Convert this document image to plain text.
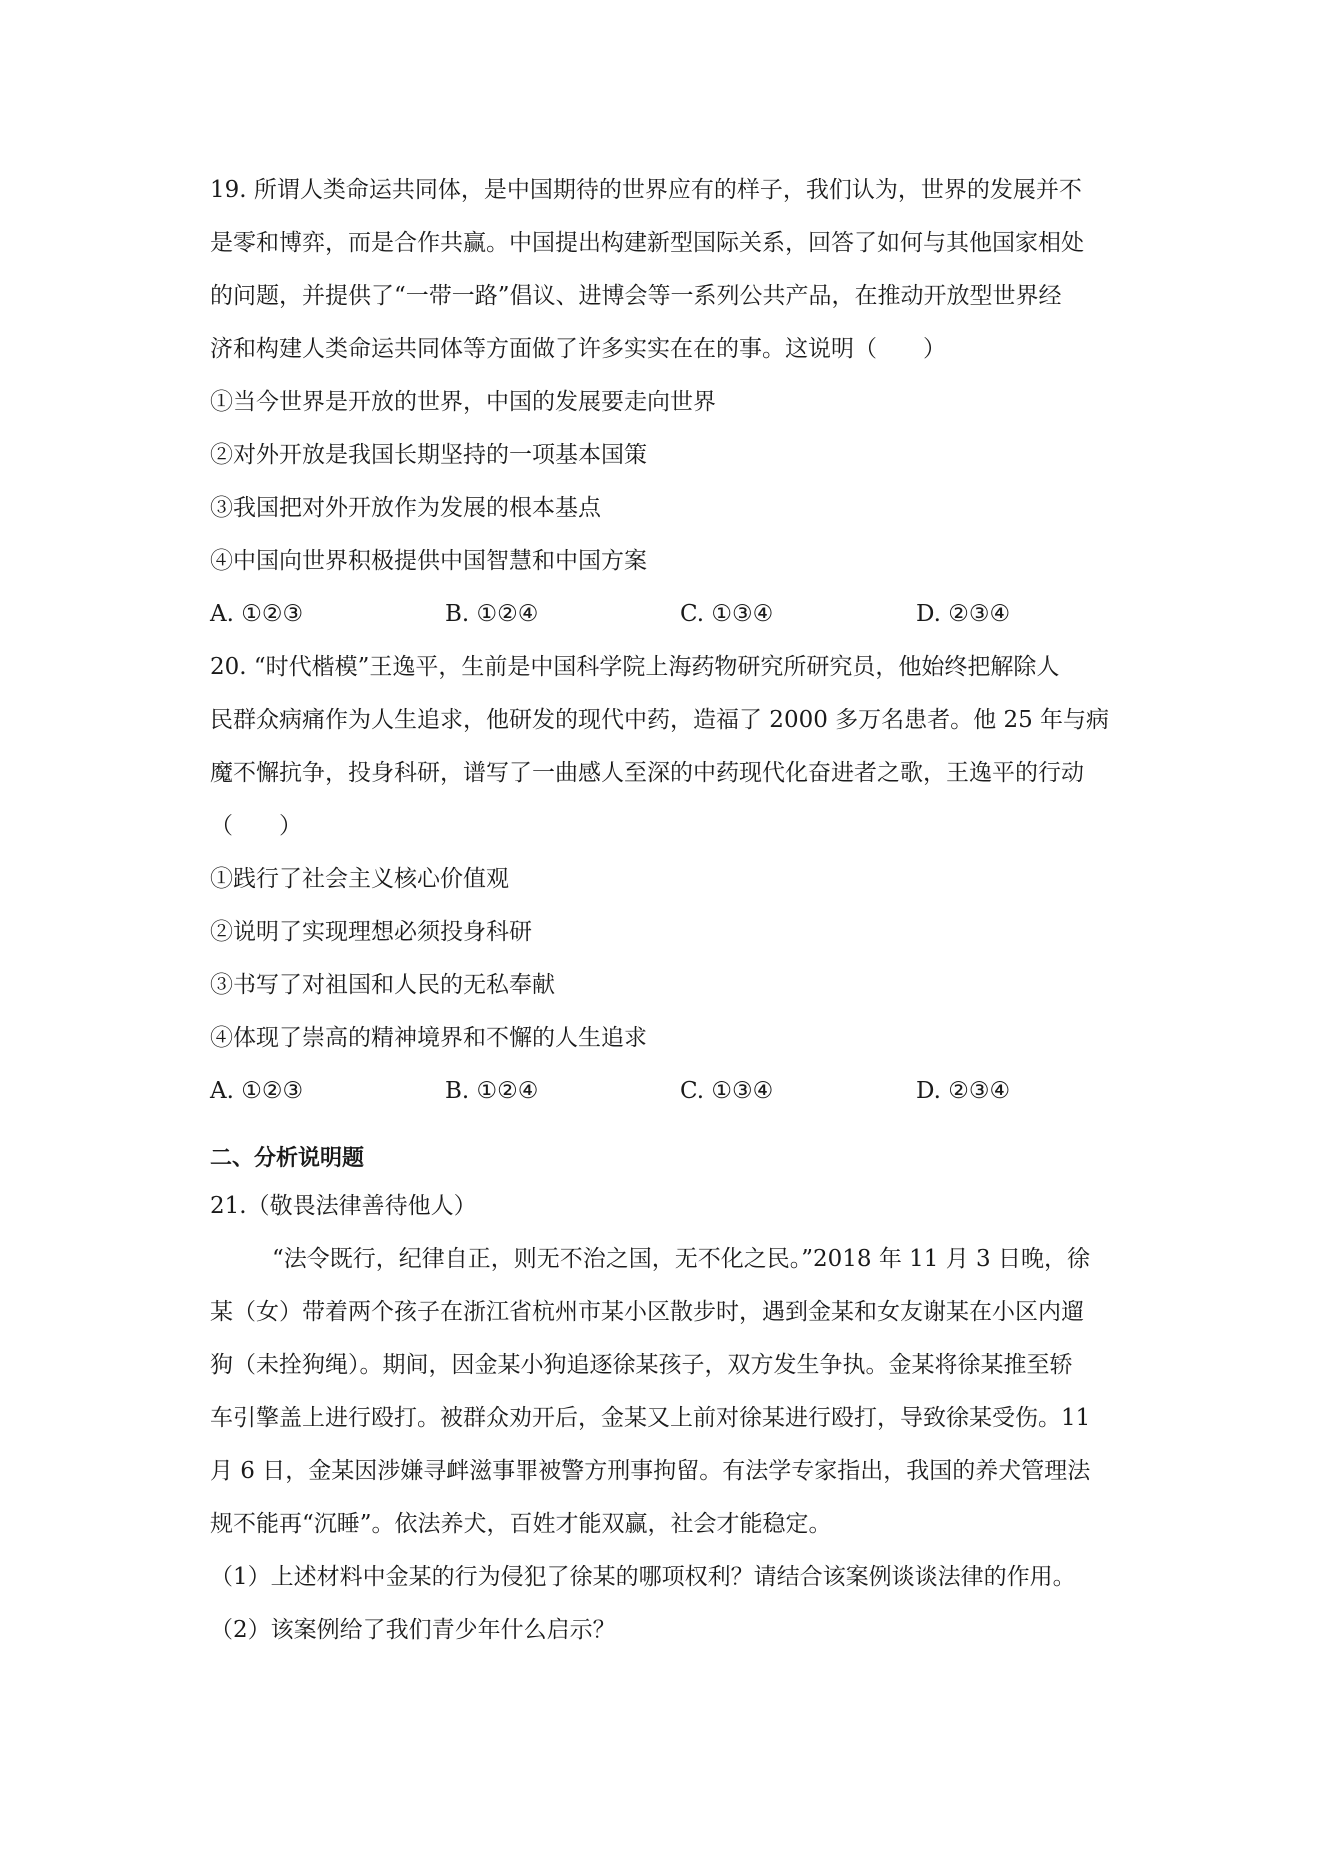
19. 所谓人类命运共同体，是中国期待的世界应有的样子，我们认为，世界的发展并不
是零和博弈，而是合作共赢。中国提出构建新型国际关系，回答了如何与其他国家相处
的问题，并提供了“一带一路”倡议、进博会等一系列公共产品，在推动开放型世界经
济和构建人类命运共同体等方面做了许多实实在在的事。这说明（　　）
①当今世界是开放的世界，中国的发展要走向世界
②对外开放是我国长期坚持的一项基本国策
③我国把对外开放作为发展的根本基点
④中国向世界积极提供中国智慧和中国方案
A. ①②③	B. ①②④	C. ①③④	D. ②③④
20. “时代楷模”王逸平，生前是中国科学院上海药物研究所研究员，他始终把解除人
民群众病痛作为人生追求，他研发的现代中药，造福了 2000 多万名患者。他 25 年与病
魔不懈抗争，投身科研，谱写了一曲感人至深的中药现代化奋进者之歌，王逸平的行动
（　　）
①践行了社会主义核心价值观
②说明了实现理想必须投身科研
③书写了对祖国和人民的无私奉献
④体现了崇高的精神境界和不懈的人生追求
A. ①②③	B. ①②④	C. ①③④	D. ②③④
二、分析说明题
21.（敬畏法律善待他人）
“法令既行，纪律自正，则无不治之国，无不化之民。”2018 年 11 月 3 日晚，徐
某（女）带着两个孩子在浙江省杭州市某小区散步时，遇到金某和女友谢某在小区内遛
狗（未拴狗绳）。期间，因金某小狗追逐徐某孩子，双方发生争执。金某将徐某推至轿
车引擎盖上进行殴打。被群众劝开后，金某又上前对徐某进行殴打，导致徐某受伤。11
月 6 日，金某因涉嫌寻衅滋事罪被警方刑事拘留。有法学专家指出，我国的养犬管理法
规不能再“沉睡”。依法养犬，百姓才能双赢，社会才能稳定。
（1）上述材料中金某的行为侵犯了徐某的哪项权利？请结合该案例谈谈法律的作用。
（2）该案例给了我们青少年什么启示？
